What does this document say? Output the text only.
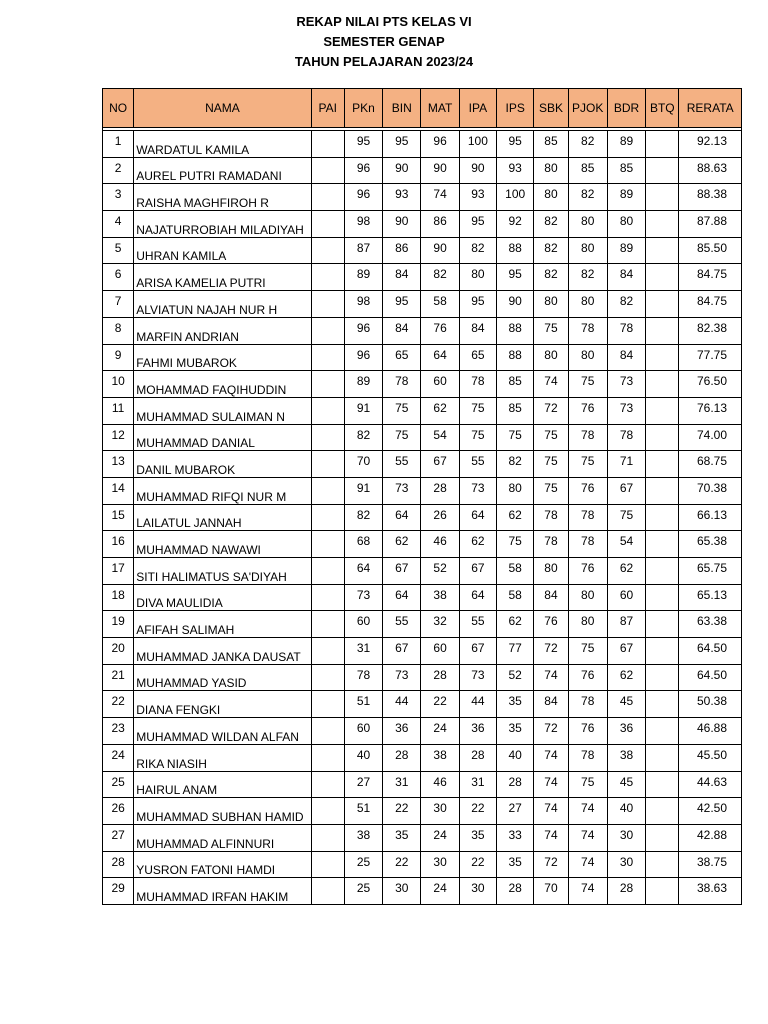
REKAP NILAI PTS KELAS VI
SEMESTER GENAP
TAHUN PELAJARAN 2023/24
NO	NAMA	PAI	PKn	BIN	MAT	IPA	IPS	SBK	PJOK	BDR	BTQ	RERATA

1	WARDATUL KAMILA		95	95	96	100	95	85	82	89		92.13
2	AUREL PUTRI RAMADANI		96	90	90	90	93	80	85	85		88.63
3	RAISHA MAGHFIROH R		96	93	74	93	100	80	82	89		88.38
4	NAJATURROBIAH MILADIYAH		98	90	86	95	92	82	80	80		87.88
5	UHRAN KAMILA		87	86	90	82	88	82	80	89		85.50
6	ARISA KAMELIA PUTRI		89	84	82	80	95	82	82	84		84.75
7	ALVIATUN NAJAH NUR H		98	95	58	95	90	80	80	82		84.75
8	MARFIN ANDRIAN		96	84	76	84	88	75	78	78		82.38
9	FAHMI MUBAROK		96	65	64	65	88	80	80	84		77.75
10	MOHAMMAD FAQIHUDDIN		89	78	60	78	85	74	75	73		76.50
11	MUHAMMAD SULAIMAN N		91	75	62	75	85	72	76	73		76.13
12	MUHAMMAD DANIAL		82	75	54	75	75	75	78	78		74.00
13	DANIL MUBAROK		70	55	67	55	82	75	75	71		68.75
14	MUHAMMAD RIFQI NUR M		91	73	28	73	80	75	76	67		70.38
15	LAILATUL JANNAH		82	64	26	64	62	78	78	75		66.13
16	MUHAMMAD NAWAWI		68	62	46	62	75	78	78	54		65.38
17	SITI HALIMATUS SA'DIYAH		64	67	52	67	58	80	76	62		65.75
18	DIVA MAULIDIA		73	64	38	64	58	84	80	60		65.13
19	AFIFAH SALIMAH		60	55	32	55	62	76	80	87		63.38
20	MUHAMMAD JANKA DAUSAT		31	67	60	67	77	72	75	67		64.50
21	MUHAMMAD YASID		78	73	28	73	52	74	76	62		64.50
22	DIANA FENGKI		51	44	22	44	35	84	78	45		50.38
23	MUHAMMAD WILDAN ALFAN		60	36	24	36	35	72	76	36		46.88
24	RIKA NIASIH		40	28	38	28	40	74	78	38		45.50
25	HAIRUL ANAM		27	31	46	31	28	74	75	45		44.63
26	MUHAMMAD SUBHAN HAMID		51	22	30	22	27	74	74	40		42.50
27	MUHAMMAD ALFINNURI		38	35	24	35	33	74	74	30		42.88
28	YUSRON FATONI HAMDI		25	22	30	22	35	72	74	30		38.75
29	MUHAMMAD IRFAN HAKIM		25	30	24	30	28	70	74	28		38.63
